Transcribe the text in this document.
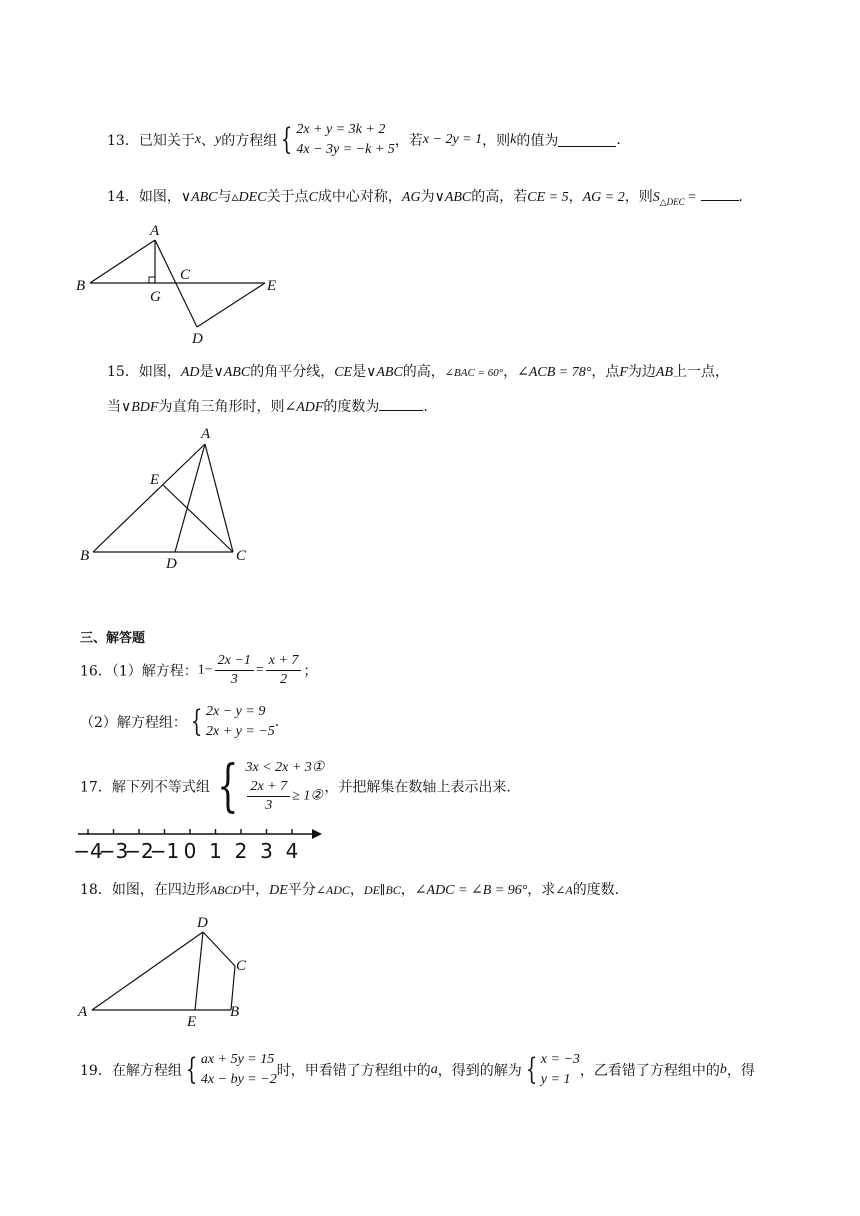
13．已知关于x、y的方程组 { 2x + y = 3k + 2
4x − 3y = −k + 5
，若x − 2y = 1，则k的值为	.
14．如图，∨ABC与▵DEC关于点C成中心对称，AG为∨ABC的高，若CE = 5，AG = 2，则$S_{\triangle DEC}$ =	.
A
B
C
G
E
D
15．如图，AD是∨ABC的角平分线，CE是∨ABC的高，∠BAC = 60°，∠ACB = 78°，点F为边AB上一点，
当∨BDF为直角三角形时，则∠ADF的度数为	.
A
E
B	D	C
三、解答题
16．（1）解方程：$1- \frac{2x -1}{3} = \frac{x + 7}{2}$ ；
（2）解方程组： { 2x − y = 9
2x + y = −5
.
17．解下列不等式组 { 3x < 2x + 3①
$\frac{2x + 7}{3}$ ≥ 1②
，并把解集在数轴上表示出来.
−4
−3
−2
−1 0 1 2 3 4
18．如图，在四边形ABCD中，DE平分∠ADC，DE∥BC，∠ADC = ∠B = 96°，求∠A的度数.
D
C
A
E
B
19．在解方程组 { ax + 5y = 15
4x − by = −2
时，甲看错了方程组中的a，得到的解为 { x = −3
y = 1
，乙看错了方程组中的b，得
